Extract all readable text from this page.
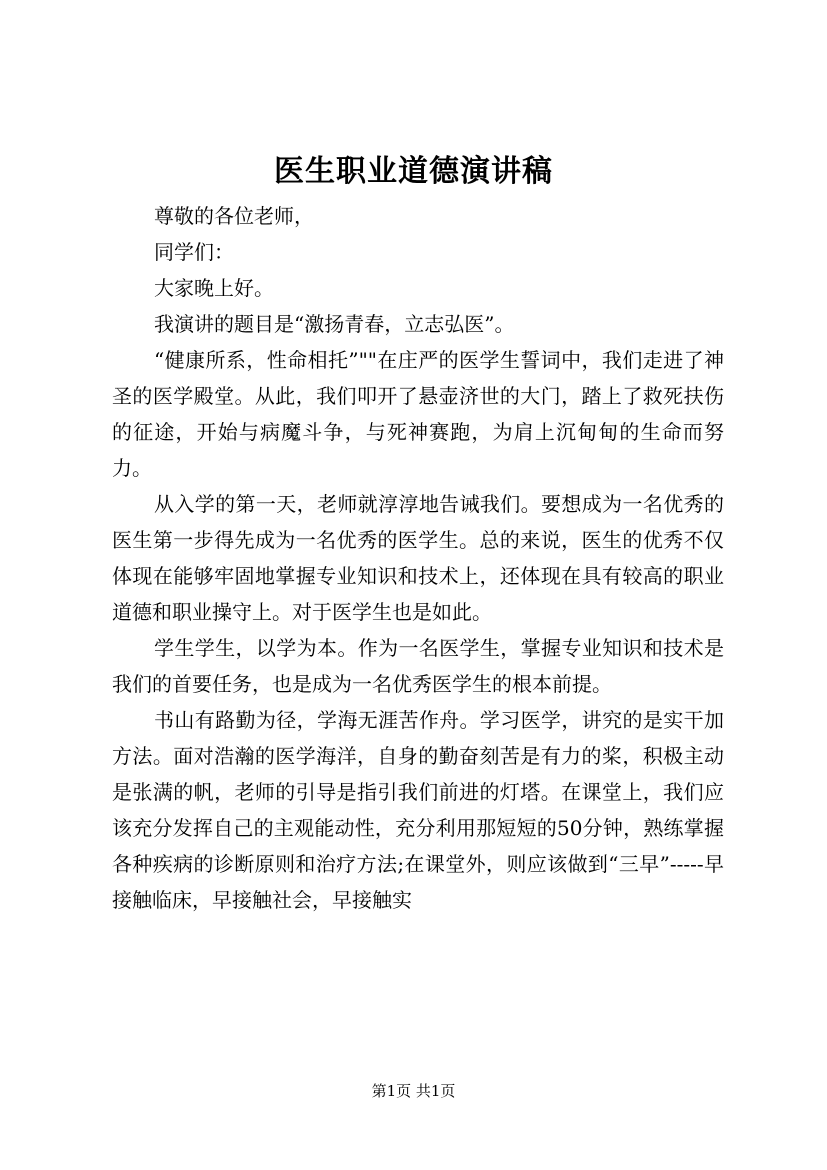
医生职业道德演讲稿

尊敬的各位老师，

同学们：

大家晚上好。

我演讲的题目是“激扬青春，立志弘医”。

“健康所系，性命相托”""在庄严的医学生誓词中，我们走进了神圣的医学殿堂。从此，我们叩开了悬壶济世的大门，踏上了救死扶伤的征途，开始与病魔斗争，与死神赛跑，为肩上沉甸甸的生命而努力。

从入学的第一天，老师就淳淳地告诫我们。要想成为一名优秀的医生第一步得先成为一名优秀的医学生。总的来说，医生的优秀不仅体现在能够牢固地掌握专业知识和技术上，还体现在具有较高的职业道德和职业操守上。对于医学生也是如此。

学生学生，以学为本。作为一名医学生，掌握专业知识和技术是我们的首要任务，也是成为一名优秀医学生的根本前提。

书山有路勤为径，学海无涯苦作舟。学习医学，讲究的是实干加方法。面对浩瀚的医学海洋，自身的勤奋刻苦是有力的桨，积极主动是张满的帆，老师的引导是指引我们前进的灯塔。在课堂上，我们应该充分发挥自己的主观能动性，充分利用那短短的50分钟，熟练掌握各种疾病的诊断原则和治疗方法;在课堂外，则应该做到“三早”-----早接触临床，早接触社会，早接触实

第1页 共1页
